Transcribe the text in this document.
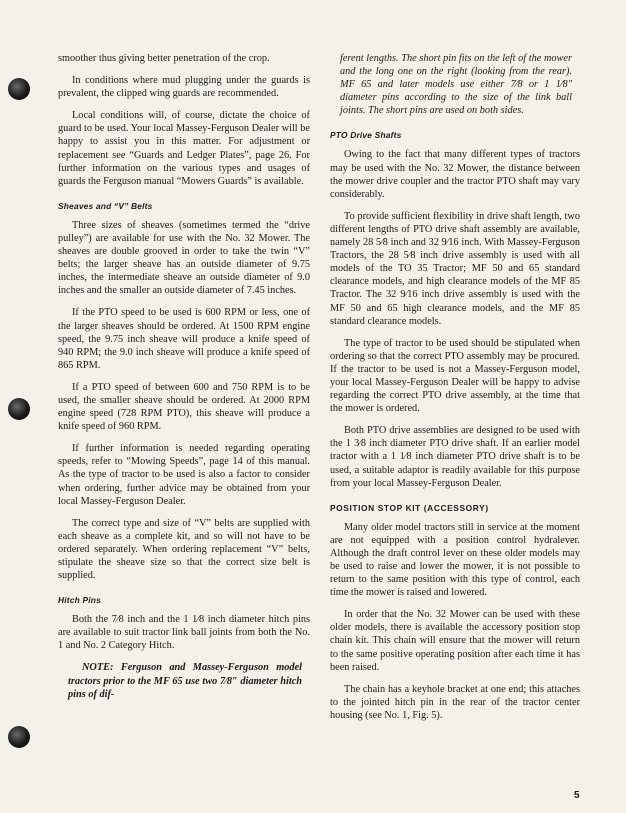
smoother thus giving better penetration of the crop.

In conditions where mud plugging under the guards is prevalent, the clipped wing guards are recommended.

Local conditions will, of course, dictate the choice of guard to be used. Your local Massey-Ferguson Dealer will be happy to assist you in this matter. For adjustment or replacement see “Guards and Ledger Plates”, page 26. For further information on the various types and usages of guards the Ferguson manual “Mowers Guards” is available.

Sheaves and “V” Belts

Three sizes of sheaves (sometimes termed the “drive pulley”) are available for use with the No. 32 Mower. The sheaves are double grooved in order to take the twin “V” belts; the larger sheave has an outside diameter of 9.75 inches, the intermediate sheave an outside diameter of 9.0 inches and the smaller an outside diameter of 7.45 inches.

If the PTO speed to be used is 600 RPM or less, one of the larger sheaves should be ordered. At 1500 RPM engine speed, the 9.75 inch sheave will produce a knife speed of 940 RPM; the 9.0 inch sheave will produce a knife speed of 865 RPM.

If a PTO speed of between 600 and 750 RPM is to be used, the smaller sheave should be ordered. At 2000 RPM engine speed (728 RPM PTO), this sheave will produce a knife speed of 960 RPM.

If further information is needed regarding operating speeds, refer to “Mowing Speeds”, page 14 of this manual. As the type of tractor to be used is also a factor to consider when ordering, further advice may be obtained from your local Massey-Ferguson Dealer.

The correct type and size of “V” belts are supplied with each sheave as a complete kit, and so will not have to be ordered separately. When ordering replacement “V” belts, stipulate the sheave size so that the correct size belt is supplied.

Hitch Pins

Both the 7⁄8 inch and the 1 1⁄8 inch diameter hitch pins are available to suit tractor link ball joints from both the No. 1 and No. 2 Category Hitch.

NOTE: Ferguson and Massey-Ferguson model tractors prior to the MF 65 use two 7⁄8″ diameter hitch pins of dif-

ferent lengths. The short pin fits on the left of the mower and the long one on the right (looking from the rear). MF 65 and later models use either 7⁄8 or 1 1⁄8″ diameter pins according to the size of the link ball joints. The short pins are used on both sides.

PTO Drive Shafts

Owing to the fact that many different types of tractors may be used with the No. 32 Mower, the distance between the mower drive coupler and the tractor PTO shaft may vary considerably.

To provide sufficient flexibility in drive shaft length, two different lengths of PTO drive shaft assembly are available, namely 28 5⁄8 inch and 32 9⁄16 inch. With Massey-Ferguson Tractors, the 28 5⁄8 inch drive assembly is used with all models of the TO 35 Tractor; MF 50 and 65 standard clearance models, and high clearance models of the MF 85 Tractor. The 32 9⁄16 inch drive assembly is used with the MF 50 and 65 high clearance models, and the MF 85 standard clearance models.

The type of tractor to be used should be stipulated when ordering so that the correct PTO assembly may be procured. If the tractor to be used is not a Massey-Ferguson model, your local Massey-Ferguson Dealer will be happy to advise regarding the correct PTO drive assembly, at the time that the mower is ordered.

Both PTO drive assemblies are designed to be used with the 1 3⁄8 inch diameter PTO drive shaft. If an earlier model tractor with a 1 1⁄8 inch diameter PTO drive shaft is to be used, a suitable adaptor is readily available for this purpose from your local Massey-Ferguson Dealer.

POSITION STOP KIT (ACCESSORY)

Many older model tractors still in service at the moment are not equipped with a position control hydralever. Although the draft control lever on these older models may be used to raise and lower the mower, it is not possible to return to the same position with this type of control, each time the mower is raised and lowered.

In order that the No. 32 Mower can be used with these older models, there is available the accessory position stop chain kit. This chain will ensure that the mower will return to the same positive operating position after each time it has been raised.

The chain has a keyhole bracket at one end; this attaches to the jointed hitch pin in the rear of the tractor center housing (see No. 1, Fig. 5).

5
